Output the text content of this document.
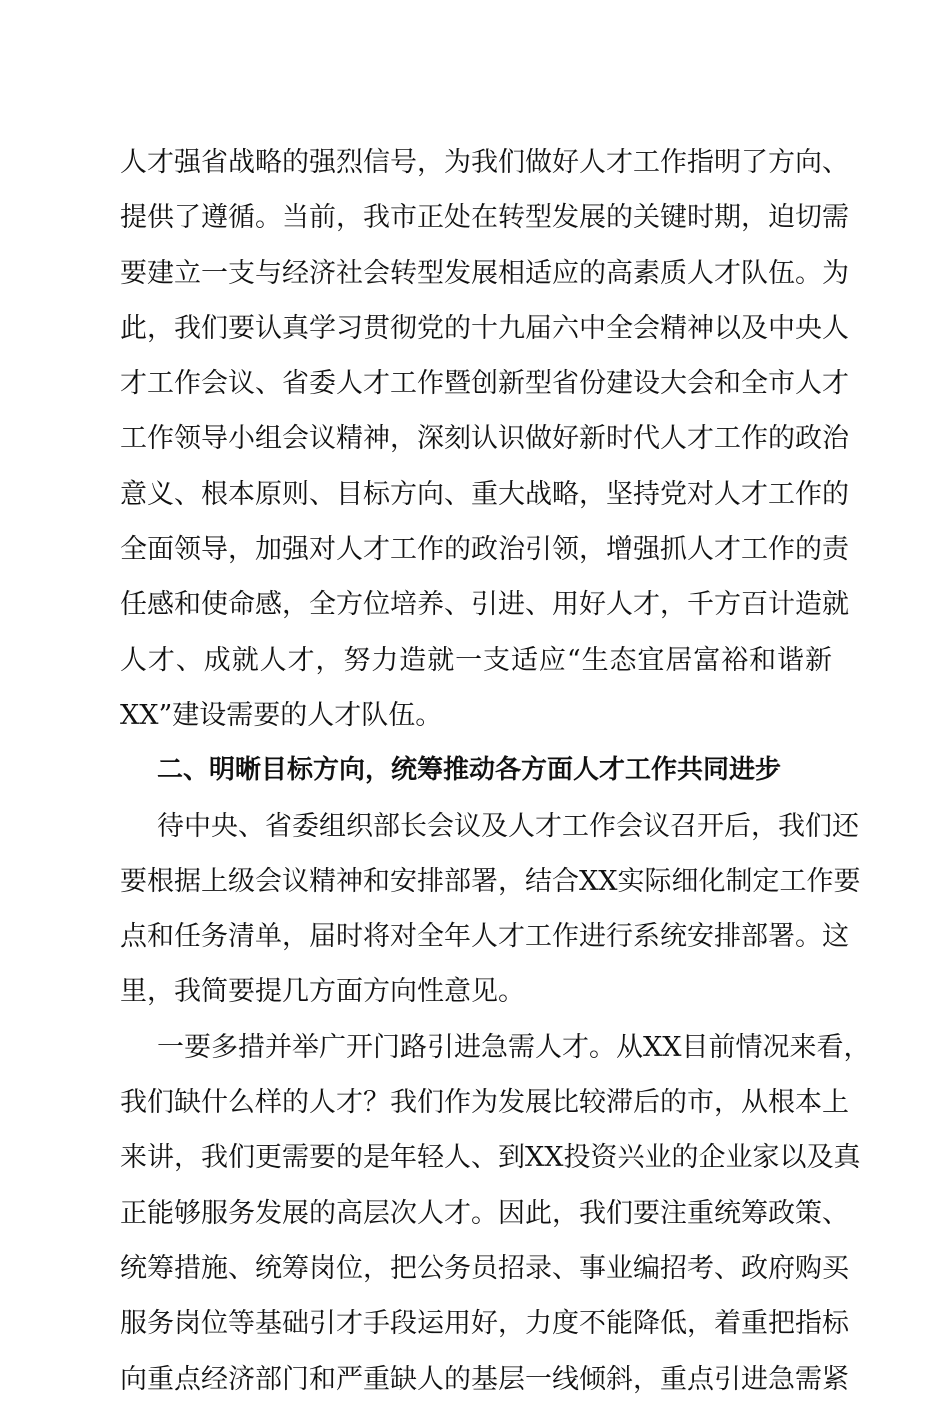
人才强省战略的强烈信号，为我们做好人才工作指明了方向、
提供了遵循。当前，我市正处在转型发展的关键时期，迫切需
要建立一支与经济社会转型发展相适应的高素质人才队伍。为
此，我们要认真学习贯彻党的十九届六中全会精神以及中央人
才工作会议、省委人才工作暨创新型省份建设大会和全市人才
工作领导小组会议精神，深刻认识做好新时代人才工作的政治
意义、根本原则、目标方向、重大战略，坚持党对人才工作的
全面领导，加强对人才工作的政治引领，增强抓人才工作的责
任感和使命感，全方位培养、引进、用好人才，千方百计造就
人才、成就人才，努力造就一支适应“生态宜居富裕和谐新
XX”建设需要的人才队伍。
二、明晰目标方向，统筹推动各方面人才工作共同进步
待中央、省委组织部长会议及人才工作会议召开后，我们还
要根据上级会议精神和安排部署，结合XX实际细化制定工作要
点和任务清单，届时将对全年人才工作进行系统安排部署。这
里，我简要提几方面方向性意见。
一要多措并举广开门路引进急需人才。从XX目前情况来看，
我们缺什么样的人才？我们作为发展比较滞后的市，从根本上
来讲，我们更需要的是年轻人、到XX投资兴业的企业家以及真
正能够服务发展的高层次人才。因此，我们要注重统筹政策、
统筹措施、统筹岗位，把公务员招录、事业编招考、政府购买
服务岗位等基础引才手段运用好，力度不能降低，着重把指标
向重点经济部门和严重缺人的基层一线倾斜，重点引进急需紧
